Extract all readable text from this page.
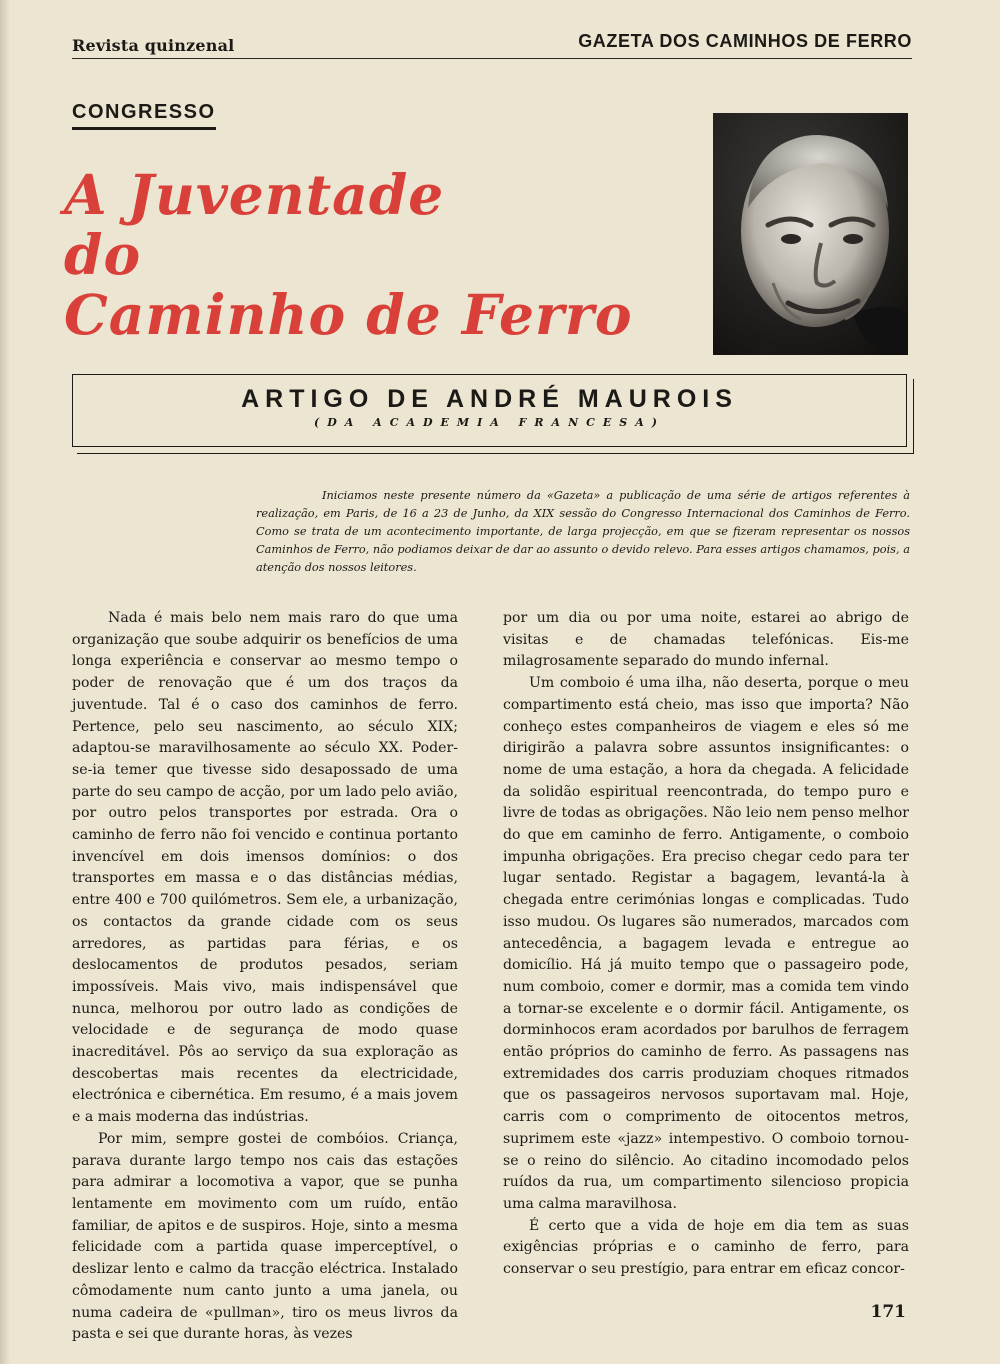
Revista quinzenal	GAZETA DOS CAMINHOS DE FERRO
CONGRESSO
A Juventade
do
Caminho de Ferro
ARTIGO DE ANDRÉ MAUROIS
(DA ACADEMIA FRANCESA)
Iniciamos neste presente número da «Gazeta» a publicação de uma série de artigos referentes à realização, em Paris, de 16 a 23 de Junho, da XIX sessão do Congresso Internacional dos Caminhos de Ferro. Como se trata de um acontecimento importante, de larga projecção, em que se fizeram representar os nossos Caminhos de Ferro, não podiamos deixar de dar ao assunto o devido relevo. Para esses artigos chamamos, pois, a atenção dos nossos leitores.

Nada é mais belo nem mais raro do que uma organização que soube adquirir os benefícios de uma longa experiência e conservar ao mesmo tempo o poder de renovação que é um dos traços da juventude. Tal é o caso dos caminhos de ferro. Pertence, pelo seu nascimento, ao século XIX; adaptou-se maravilhosamente ao século XX. Poder-se-ia temer que tivesse sido desapossado de uma parte do seu campo de acção, por um lado pelo avião, por outro pelos transportes por estrada. Ora o caminho de ferro não foi vencido e continua portanto invencível em dois imensos domínios: o dos transportes em massa e o das distâncias médias, entre 400 e 700 quilómetros. Sem ele, a urbanização, os contactos da grande cidade com os seus arredores, as partidas para férias, e os deslocamentos de produtos pesados, seriam impossíveis. Mais vivo, mais indispensável que nunca, melhorou por outro lado as condições de velocidade e de segurança de modo quase inacreditável. Pôs ao serviço da sua exploração as descobertas mais recentes da electricidade, electrónica e cibernética. Em resumo, é a mais jovem e a mais moderna das indústrias.

Por mim, sempre gostei de combóios. Criança, parava durante largo tempo nos cais das estações para admirar a locomotiva a vapor, que se punha lentamente em movimento com um ruído, então familiar, de apitos e de suspiros. Hoje, sinto a mesma felicidade com a partida quase imperceptível, o deslizar lento e calmo da tracção eléctrica. Instalado cômodamente num canto junto a uma janela, ou numa cadeira de «pullman», tiro os meus livros da pasta e sei que durante horas, às vezes

por um dia ou por uma noite, estarei ao abrigo de visitas e de chamadas telefónicas. Eis-me milagrosamente separado do mundo infernal.

Um comboio é uma ilha, não deserta, porque o meu compartimento está cheio, mas isso que importa? Não conheço estes companheiros de viagem e eles só me dirigirão a palavra sobre assuntos insignificantes: o nome de uma estação, a hora da chegada. A felicidade da solidão espiritual reencontrada, do tempo puro e livre de todas as obrigações. Não leio nem penso melhor do que em caminho de ferro. Antigamente, o comboio impunha obrigações. Era preciso chegar cedo para ter lugar sentado. Registar a bagagem, levantá-la à chegada entre cerimónias longas e complicadas. Tudo isso mudou. Os lugares são numerados, marcados com antecedência, a bagagem levada e entregue ao domicílio. Há já muito tempo que o passageiro pode, num comboio, comer e dormir, mas a comida tem vindo a tornar-se excelente e o dormir fácil. Antigamente, os dorminhocos eram acordados por barulhos de ferragem então próprios do caminho de ferro. As passagens nas extremidades dos carris produziam choques ritmados que os passageiros nervosos suportavam mal. Hoje, carris com o comprimento de oitocentos metros, suprimem este «jazz» intempestivo. O comboio tornou-se o reino do silêncio. Ao citadino incomodado pelos ruídos da rua, um compartimento silencioso propicia uma calma maravilhosa.

É certo que a vida de hoje em dia tem as suas exigências próprias e o caminho de ferro, para conservar o seu prestígio, para entrar em eficaz concor-

171
